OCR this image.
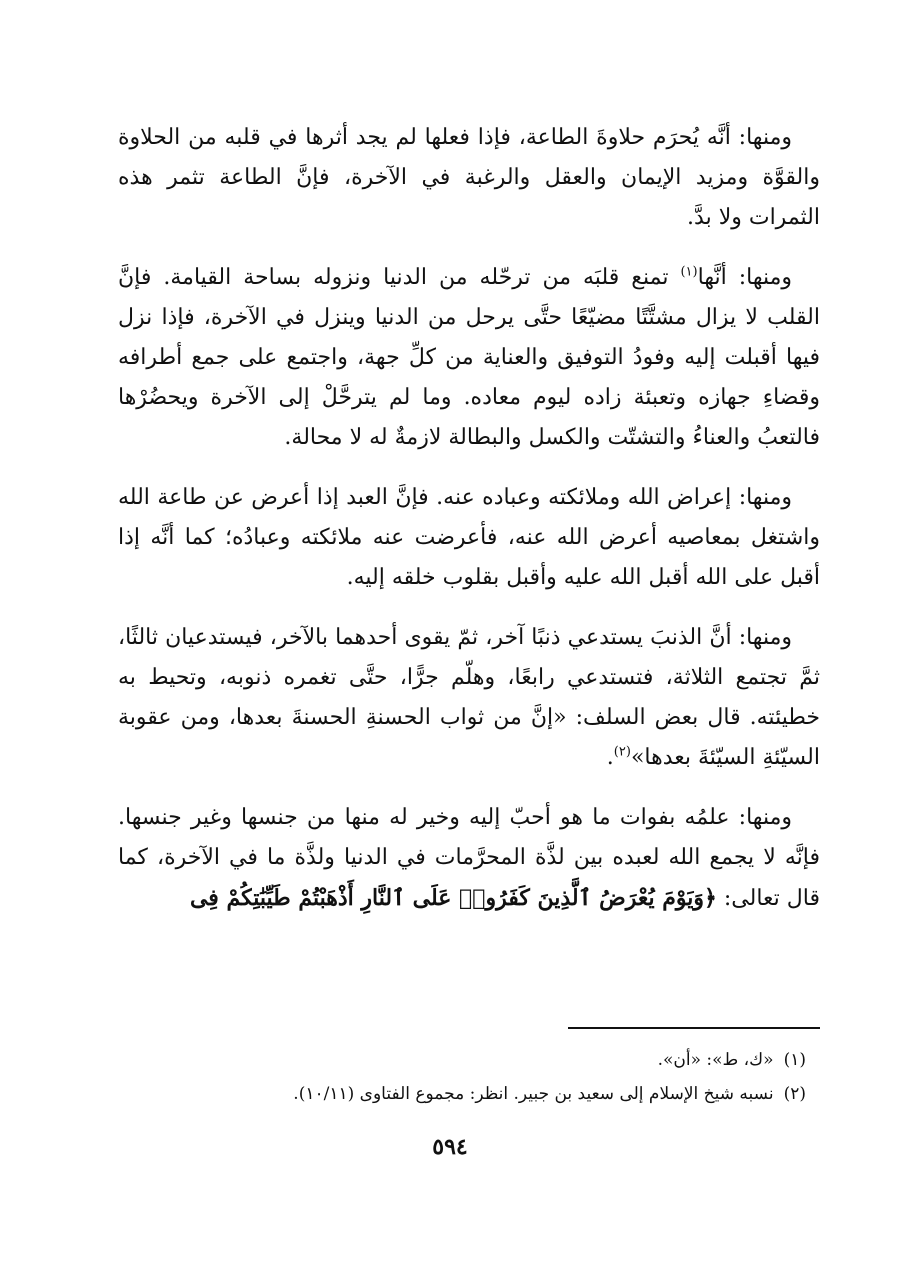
ومنها: أنَّه يُحرَم حلاوةَ الطاعة، فإذا فعلها لم يجد أثرها في قلبه من الحلاوة والقوَّة ومزيد الإيمان والعقل والرغبة في الآخرة، فإنَّ الطاعة تثمر هذه الثمرات ولا بدَّ.

ومنها: أنَّها$^{(١)}$ تمنع قلبَه من ترحّله من الدنيا ونزوله بساحة القيامة. فإنَّ القلب لا يزال مشتَّتًا مضيّعًا حتَّى يرحل من الدنيا وينزل في الآخرة، فإذا نزل فيها أقبلت إليه وفودُ التوفيق والعناية من كلِّ جهة، واجتمع على جمع أطرافه وقضاءِ جهازه وتعبئة زاده ليوم معاده. وما لم يترحَّلْ إلى الآخرة ويحضُرْها فالتعبُ والعناءُ والتشتّت والكسل والبطالة لازمةٌ له لا محالة.

ومنها: إعراض الله وملائكته وعباده عنه. فإنَّ العبد إذا أعرض عن طاعة الله واشتغل بمعاصيه أعرض الله عنه، فأعرضت عنه ملائكته وعبادُه؛ كما أنَّه إذا أقبل على الله أقبل الله عليه وأقبل بقلوب خلقه إليه.

ومنها: أنَّ الذنبَ يستدعي ذنبًا آخر، ثمّ يقوى أحدهما بالآخر، فيستدعيان ثالثًا، ثمَّ تجتمع الثلاثة، فتستدعي رابعًا، وهلّم جرًّا، حتَّى تغمره ذنوبه، وتحيط به خطيئته. قال بعض السلف: «إنَّ من ثواب الحسنةِ الحسنةَ بعدها، ومن عقوبة السيّئةِ السيّئةَ بعدها»$^{(٢)}$.

ومنها: علمُه بفوات ما هو أحبّ إليه وخير له منها من جنسها وغير جنسها. فإنَّه لا يجمع الله لعبده بين لذَّة المحرَّمات في الدنيا ولذَّة ما في الآخرة، كما قال تعالى: ﴿وَيَوْمَ يُعْرَضُ ٱلَّذِينَ كَفَرُوا۟ عَلَى ٱلنَّارِ أَذْهَبْتُمْ طَيِّبَٰتِكُمْ فِى

(١)«ك، ط»: «أن».

(٢)نسبه شيخ الإسلام إلى سعيد بن جبير. انظر: مجموع الفتاوى (١٠/١١).

٥٩٤
